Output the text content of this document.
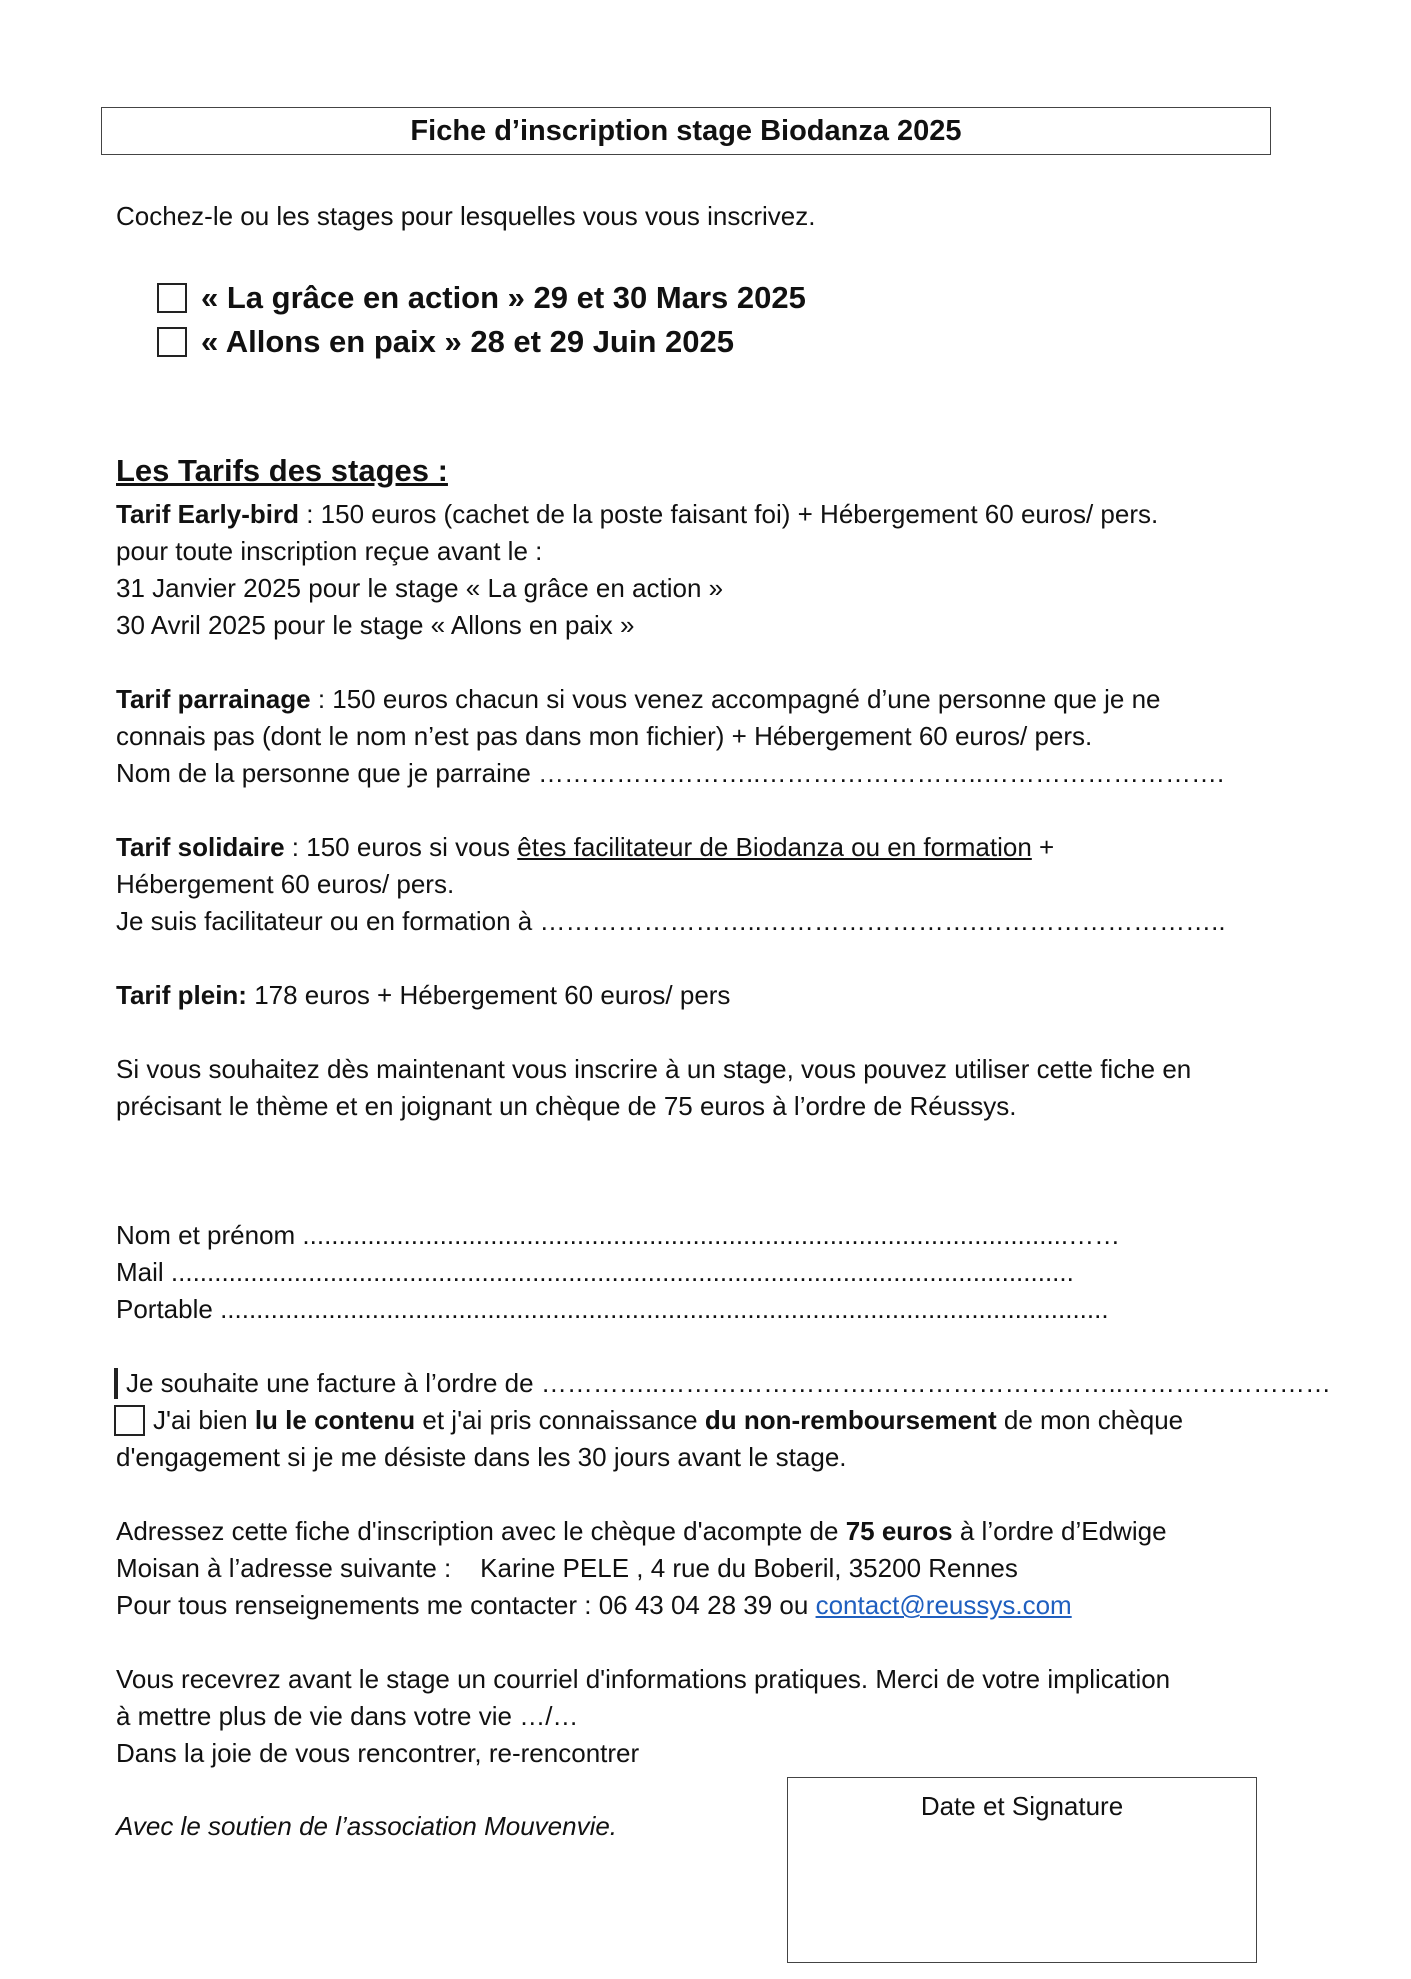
Fiche d’inscription stage Biodanza 2025
Cochez-le ou les stages pour lesquelles vous vous inscrivez.
« La grâce en action » 29 et 30 Mars 2025
« Allons en paix » 28 et 29 Juin 2025
Les Tarifs des stages :
Tarif Early-bird : 150 euros (cachet de la poste faisant foi) + Hébergement 60 euros/ pers.
pour toute inscription reçue avant le :
31 Janvier 2025 pour le stage « La grâce en action »
30 Avril 2025 pour le stage « Allons en paix »
Tarif parrainage : 150 euros chacun si vous venez accompagné d’une personne que je ne
connais pas (dont le nom n’est pas dans mon fichier) + Hébergement 60 euros/ pers.
Nom de la personne que je parraine ……………………..……………………..……………………….
Tarif solidaire : 150 euros si vous êtes facilitateur de Biodanza ou en formation +
Hébergement 60 euros/ pers.
Je suis facilitateur ou en formation à ……………………..…………………….………………………..
Tarif plein: 178 euros + Hébergement 60 euros/ pers
Si vous souhaitez dès maintenant vous inscrire à un stage, vous pouvez utiliser cette fiche en
précisant le thème et en joignant un chèque de 75 euros à l’ordre de Réussys.
Nom et prénom ..........................................................................................................……
Mail .............................................................................................................................
Portable ...........................................................................................................................
Je souhaite une facture à l’ordre de …………..…………………….………………………..……………………
J'ai bien
lu le contenu et j'ai pris connaissance du non-remboursement de mon chèque
d'engagement si je me désiste dans les 30 jours avant le stage.
Adressez cette fiche d'inscription avec le chèque d'acompte de 75 euros à l’ordre d’Edwige
Moisan à l’adresse suivante :    Karine PELE , 4 rue du Boberil, 35200 Rennes
Pour tous renseignements me contacter : 06 43 04 28 39 ou contact@reussys.com
Vous recevrez avant le stage un courriel d'informations pratiques. Merci de votre implication
à mettre plus de vie dans votre vie …/…
Dans la joie de vous rencontrer, re-rencontrer
Avec le soutien de l’association Mouvenvie.
Date et Signature
